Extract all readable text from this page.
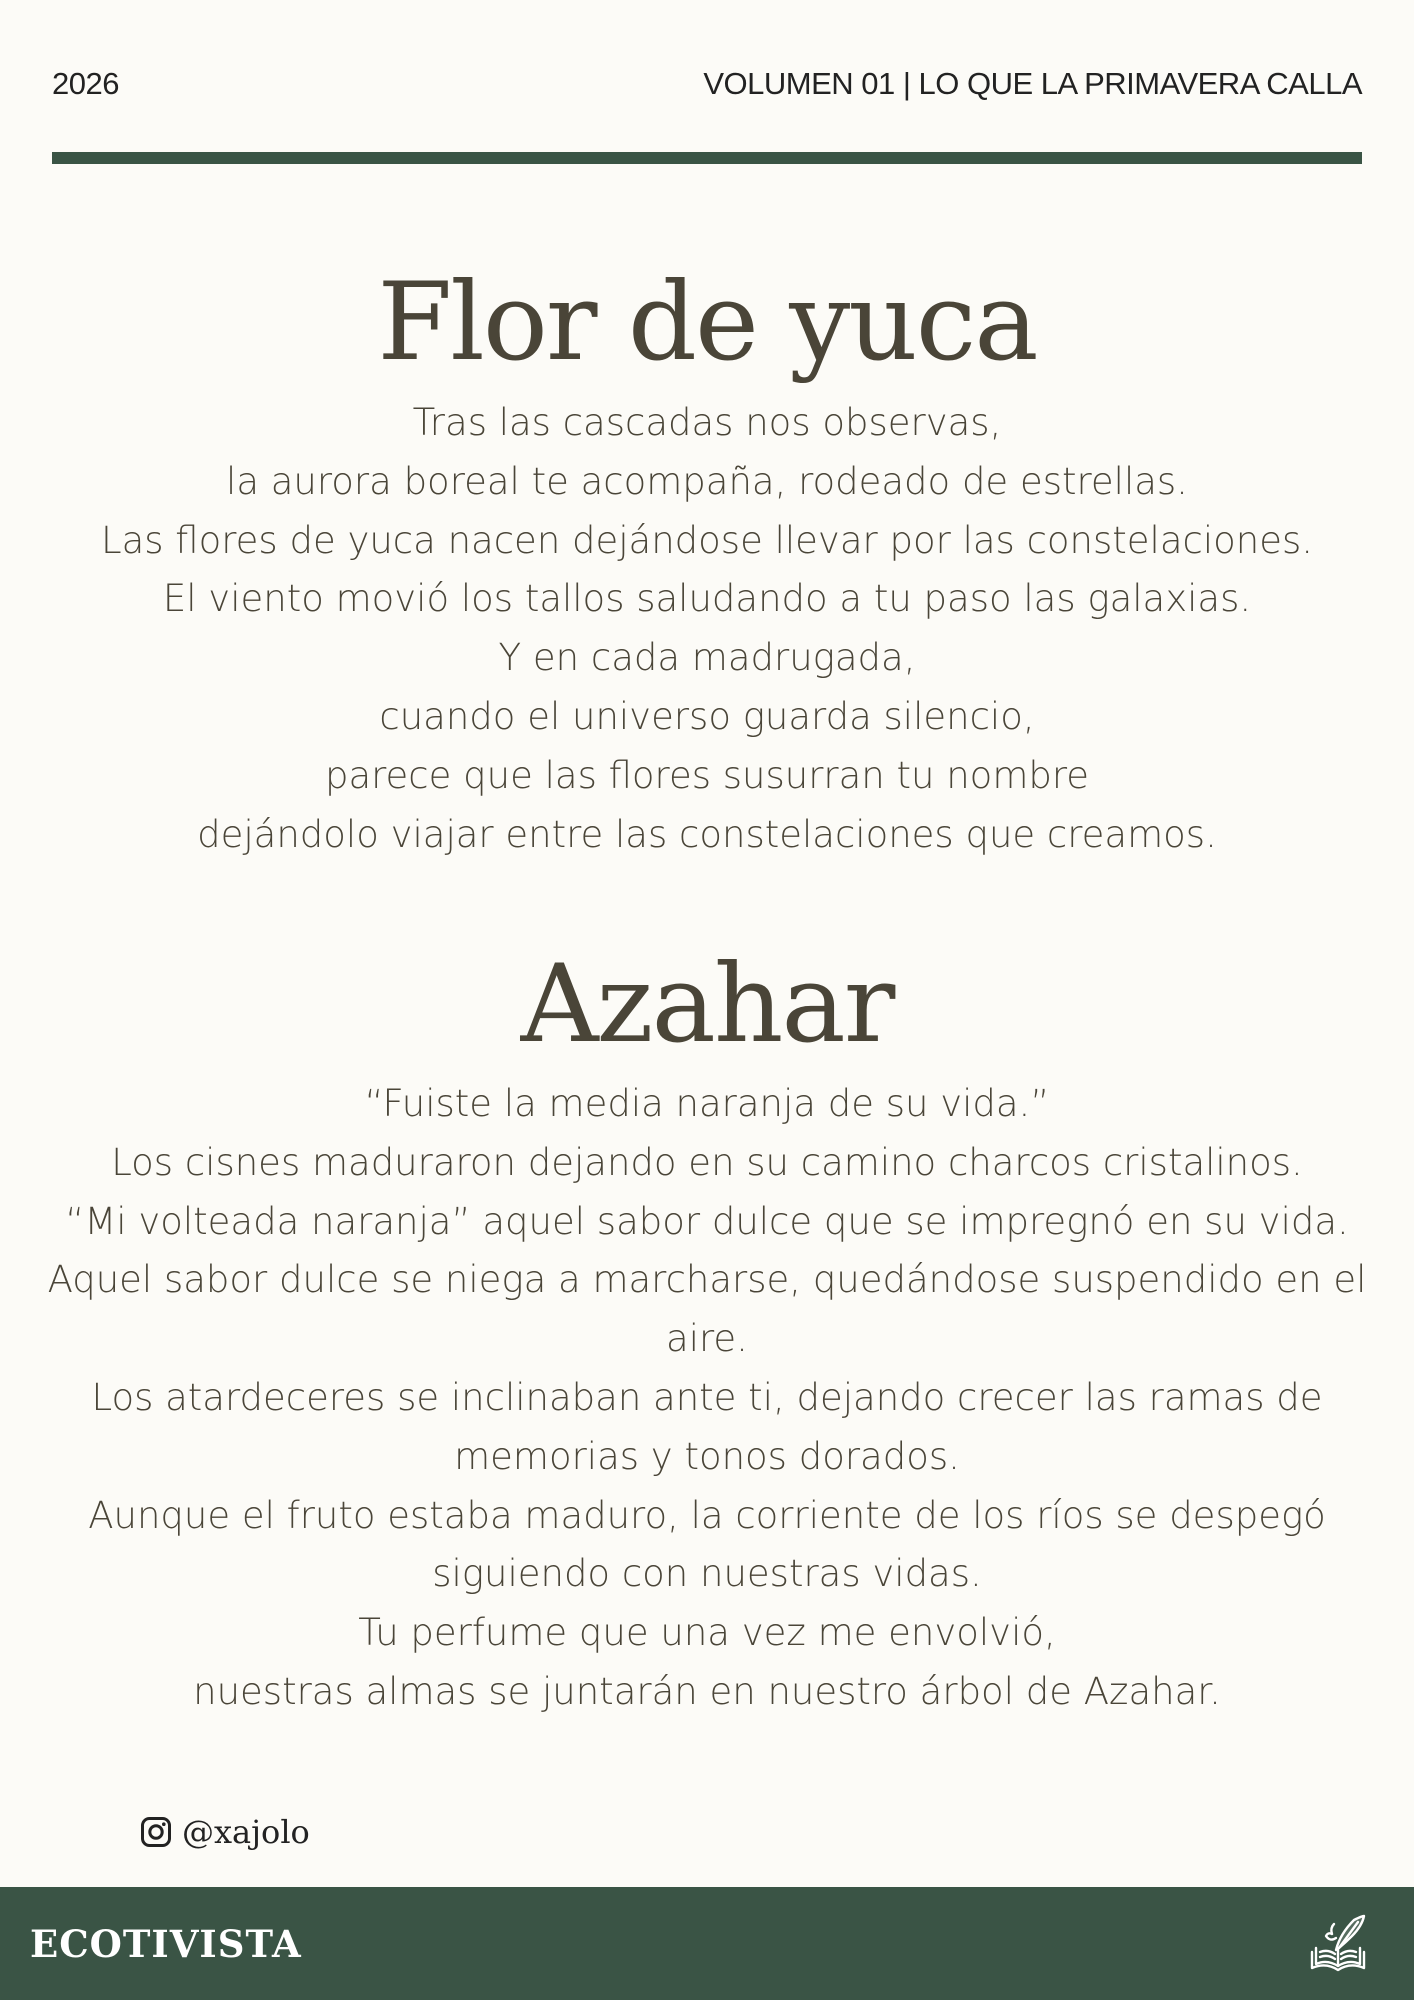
2026	VOLUMEN 01 | LO QUE LA PRIMAVERA CALLA
Flor de yuca
Tras las cascadas nos observas,
la aurora boreal te acompaña, rodeado de estrellas.
Las flores de yuca nacen dejándose llevar por las constelaciones.
El viento movió los tallos saludando a tu paso las galaxias.
Y en cada madrugada,
cuando el universo guarda silencio,
parece que las flores susurran tu nombre
dejándolo viajar entre las constelaciones que creamos.
Azahar
“Fuiste la media naranja de su vida.”
Los cisnes maduraron dejando en su camino charcos cristalinos.
“Mi volteada naranja” aquel sabor dulce que se impregnó en su vida.
Aquel sabor dulce se niega a marcharse, quedándose suspendido en el aire.
Los atardeceres se inclinaban ante ti, dejando crecer las ramas de memorias y tonos dorados.
Aunque el fruto estaba maduro, la corriente de los ríos se despegó siguiendo con nuestras vidas.
Tu perfume que una vez me envolvió,
nuestras almas se juntarán en nuestro árbol de Azahar.
@xajolo
ECOTIVISTA
